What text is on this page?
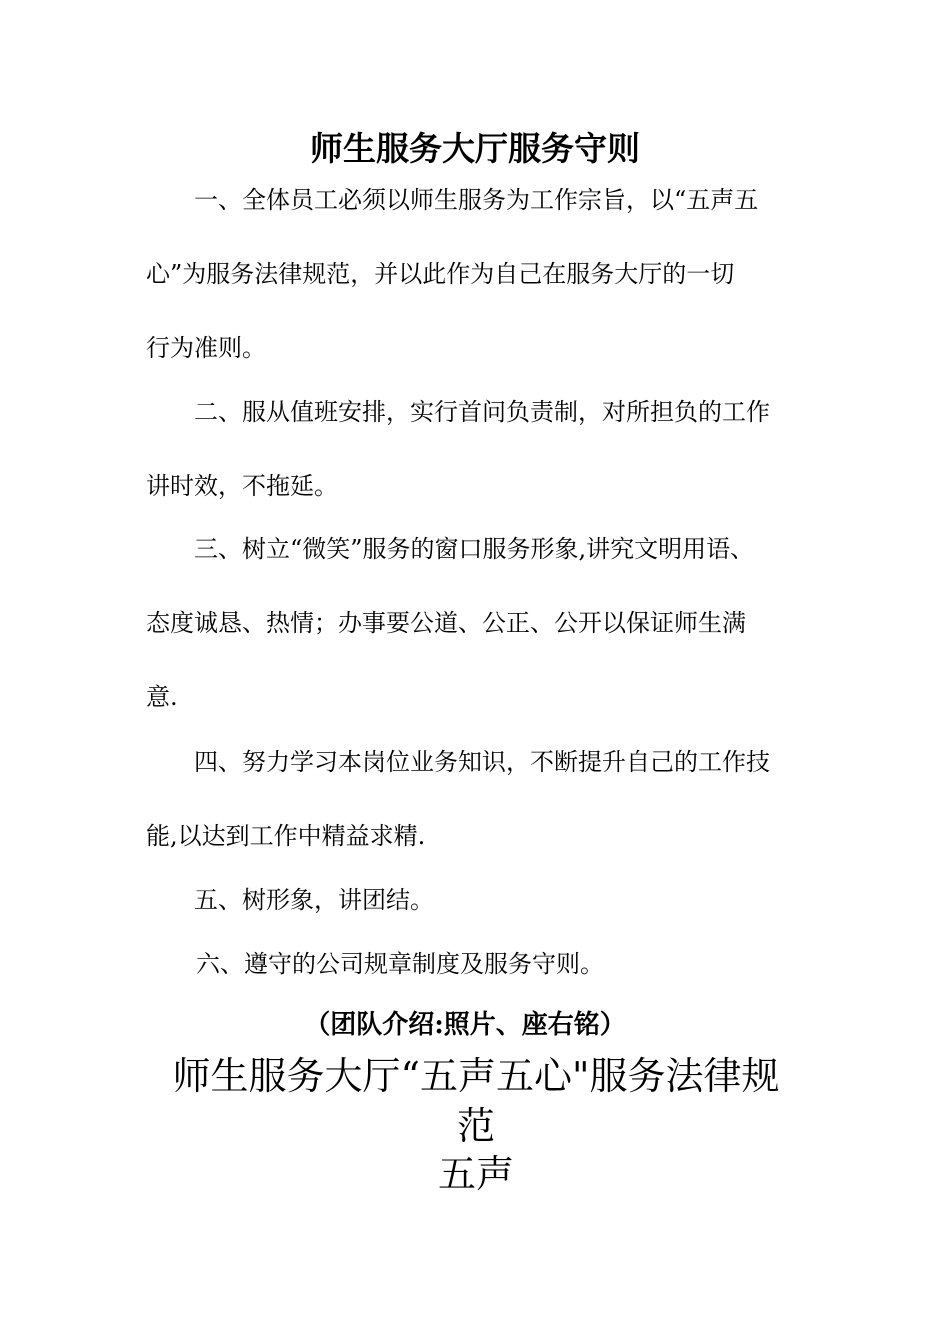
师生服务大厅服务守则
一、全体员工必须以师生服务为工作宗旨，以“五声五
心”为服务法律规范，并以此作为自己在服务大厅的一切
行为准则。
二、服从值班安排，实行首问负责制，对所担负的工作
讲时效，不拖延。
三、树立“微笑”服务的窗口服务形象,讲究文明用语、
态度诚恳、热情；办事要公道、公正、公开以保证师生满
意.
四、努力学习本岗位业务知识，不断提升自己的工作技
能,以达到工作中精益求精.
五、树形象，讲团结。
六、遵守的公司规章制度及服务守则。
（团队介绍:照片、座右铭）
师生服务大厅“五声五心"服务法律规
范
五声
